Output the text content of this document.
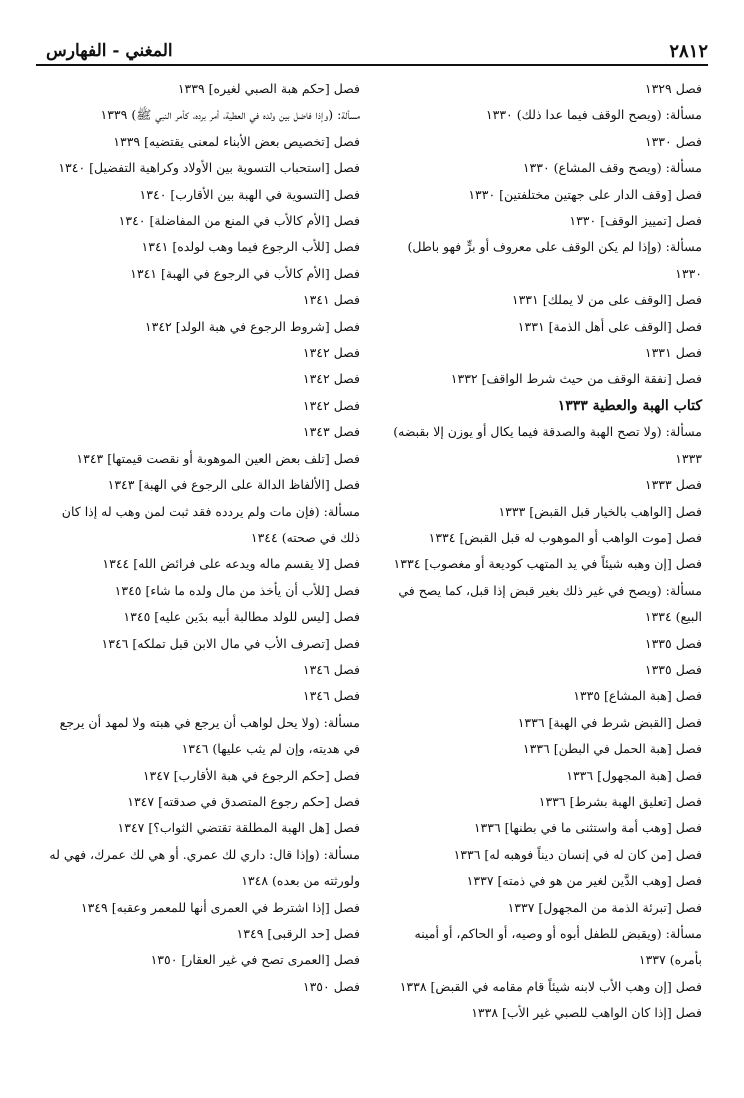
٢٨١٢
المغني - الفهارس
فصل ١٣٢٩
مسألة: (ويصح الوقف فيما عدا ذلك) ١٣٣٠
فصل ١٣٣٠
مسألة: (ويصح وقف المشاع) ١٣٣٠
فصل [وقف الدار على جهتين مختلفتين] ١٣٣٠
فصل [تمييز الوقف] ١٣٣٠
مسألة: (وإذا لم يكن الوقف على معروف أو برٍّ فهو باطل) ١٣٣٠
فصل [الوقف على من لا يملك] ١٣٣١
فصل [الوقف على أهل الذمة] ١٣٣١
فصل ١٣٣١
فصل [نفقة الوقف من حيث شرط الواقف] ١٣٣٢
كتاب الهبة والعطية ١٣٣٣
مسألة: (ولا تصح الهبة والصدقة فيما يكال أو يوزن إلا بقبضه) ١٣٣٣
فصل ١٣٣٣
فصل [الواهب بالخيار قبل القبض] ١٣٣٣
فصل [موت الواهب أو الموهوب له قبل القبض] ١٣٣٤
فصل [إن وهبه شيئاً في يد المتهب كوديعة أو مغصوب] ١٣٣٤
مسألة: (ويصح في غير ذلك بغير قبض إذا قبل، كما يصح في البيع) ١٣٣٤
فصل ١٣٣٥
فصل ١٣٣٥
فصل [هبة المشاع] ١٣٣٥
فصل [القبض شرط في الهبة] ١٣٣٦
فصل [هبة الحمل في البطن] ١٣٣٦
فصل [هبة المجهول] ١٣٣٦
فصل [تعليق الهبة بشرط] ١٣٣٦
فصل [وهب أمة واستثنى ما في بطنها] ١٣٣٦
فصل [من كان له في إنسان ديناً فوهبه له] ١٣٣٦
فصل [وهب الدَّين لغير من هو في ذمته] ١٣٣٧
فصل [تبرئة الذمة من المجهول] ١٣٣٧
مسألة: (ويقبض للطفل أبوه أو وصيه، أو الحاكم، أو أمينه بأمره) ١٣٣٧
فصل [إن وهب الأب لابنه شيئاً قام مقامه في القبض] ١٣٣٨
فصل [إذا كان الواهب للصبي غير الأب] ١٣٣٨
فصل [حكم هبة الصبي لغيره] ١٣٣٩
مسألة: (وإذا فاضل بين ولده في العطية، أمر برده، كأمر النبي ﷺ) ١٣٣٩
فصل [تخصيص بعض الأبناء لمعنى يقتضيه] ١٣٣٩
فصل [استحباب التسوية بين الأولاد وكراهية التفضيل] ١٣٤٠
فصل [التسوية في الهبة بين الأقارب] ١٣٤٠
فصل [الأم كالأب في المنع من المفاضلة] ١٣٤٠
فصل [للأب الرجوع فيما وهب لولده] ١٣٤١
فصل [الأم كالأب في الرجوع في الهبة] ١٣٤١
فصل ١٣٤١
فصل [شروط الرجوع في هبة الولد] ١٣٤٢
فصل ١٣٤٢
فصل ١٣٤٢
فصل ١٣٤٢
فصل ١٣٤٣
فصل [تلف بعض العين الموهوبة أو نقصت قيمتها] ١٣٤٣
فصل [الألفاظ الدالة على الرجوع في الهبة] ١٣٤٣
مسألة: (فإن مات ولم يردده فقد ثبت لمن وهب له إذا كان ذلك في صحته) ١٣٤٤
فصل [لا يقسم ماله ويدعه على فرائض الله] ١٣٤٤
فصل [للأب أن يأخذ من مال ولده ما شاء] ١٣٤٥
فصل [ليس للولد مطالبة أبيه بدَين عليه] ١٣٤٥
فصل [تصرف الأب في مال الابن قبل تملكه] ١٣٤٦
فصل ١٣٤٦
فصل ١٣٤٦
مسألة: (ولا يحل لواهب أن يرجع في هبته ولا لمهد أن يرجع في هديته، وإن لم يثب عليها) ١٣٤٦
فصل [حكم الرجوع في هبة الأقارب] ١٣٤٧
فصل [حكم رجوع المتصدق في صدقته] ١٣٤٧
فصل [هل الهبة المطلقة تقتضي الثواب؟] ١٣٤٧
مسألة: (وإذا قال: داري لك عمري. أو هي لك عمرك، فهي له ولورثته من بعده) ١٣٤٨
فصل [إذا اشترط في العمرى أنها للمعمر وعقبه] ١٣٤٩
فصل [حد الرقبى] ١٣٤٩
فصل [العمرى تصح في غير العقار] ١٣٥٠
فصل ١٣٥٠
